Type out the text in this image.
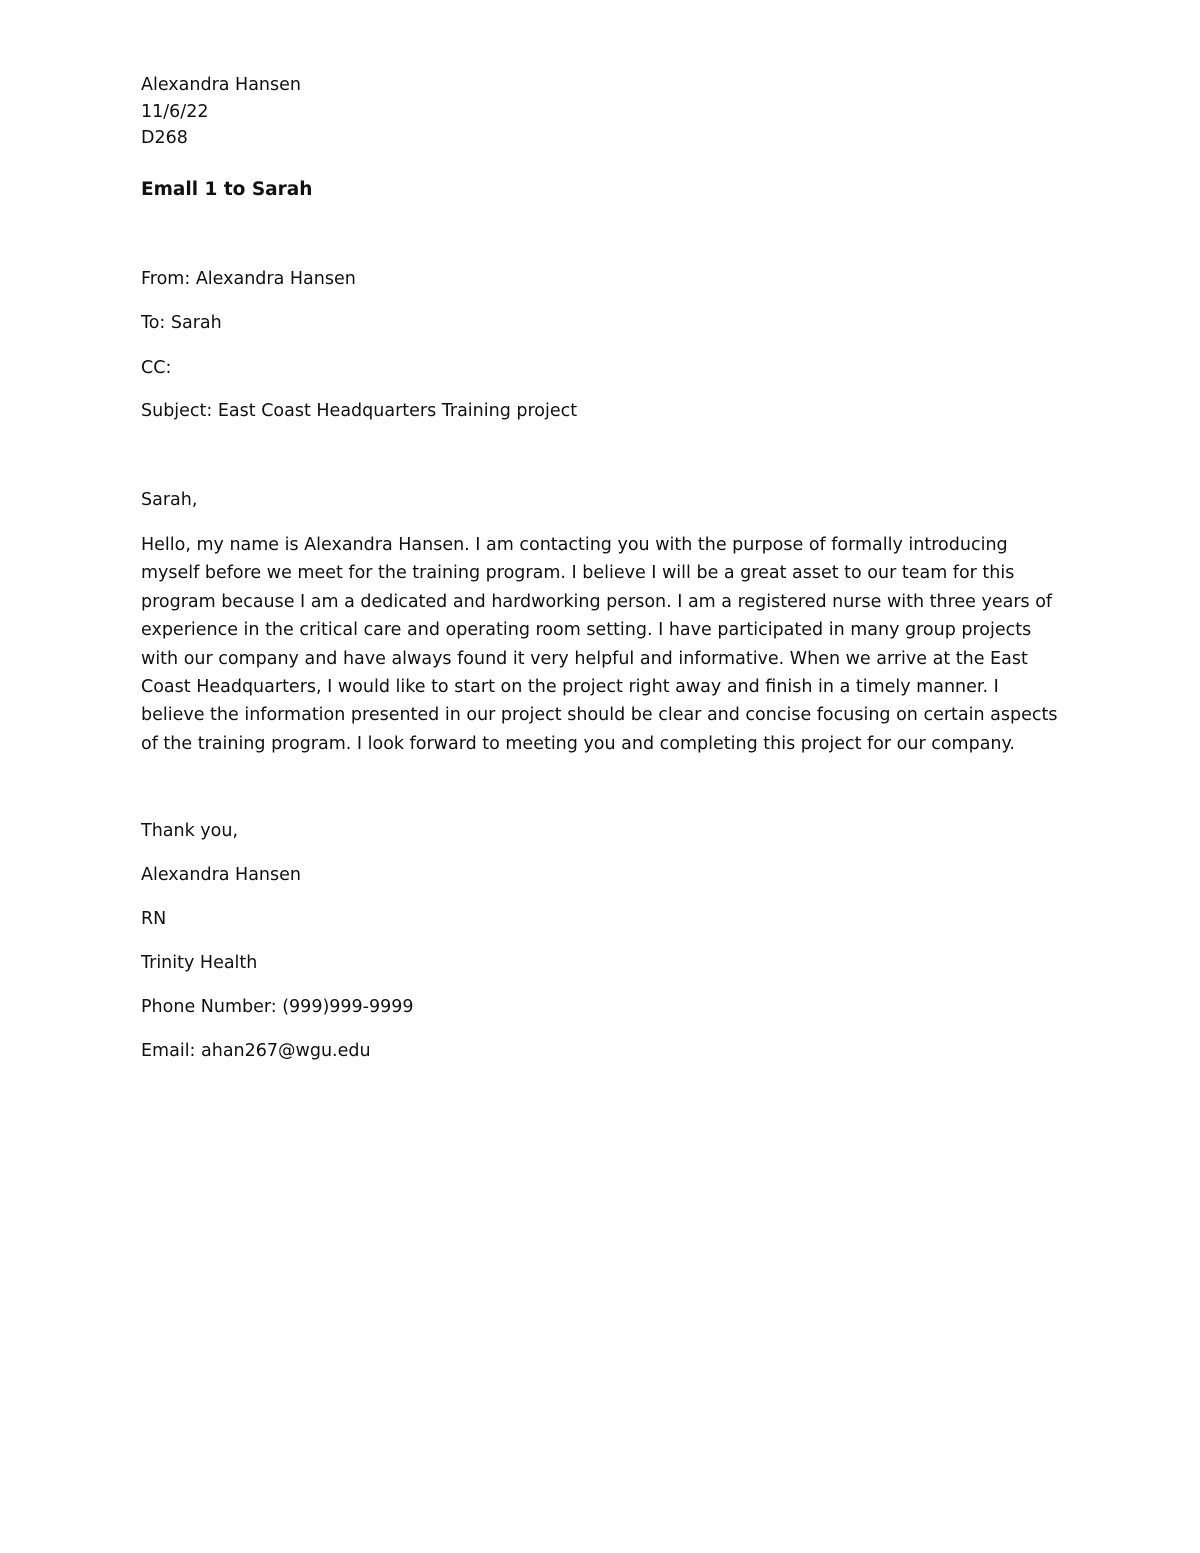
Alexandra Hansen

11/6/22

D268

Emall 1 to Sarah

From: Alexandra Hansen

To: Sarah

CC:

Subject: East Coast Headquarters Training project

Sarah,

Hello, my name is Alexandra Hansen. I am contacting you with the purpose of formally introducing
myself before we meet for the training program. I believe I will be a great asset to our team for this
program because I am a dedicated and hardworking person. I am a registered nurse with three years of
experience in the critical care and operating room setting. I have participated in many group projects
with our company and have always found it very helpful and informative. When we arrive at the East
Coast Headquarters, I would like to start on the project right away and finish in a timely manner. I
believe the information presented in our project should be clear and concise focusing on certain aspects
of the training program. I look forward to meeting you and completing this project for our company.

Thank you,

Alexandra Hansen

RN

Trinity Health

Phone Number: (999)999-9999

Email: ahan267@wgu.edu
